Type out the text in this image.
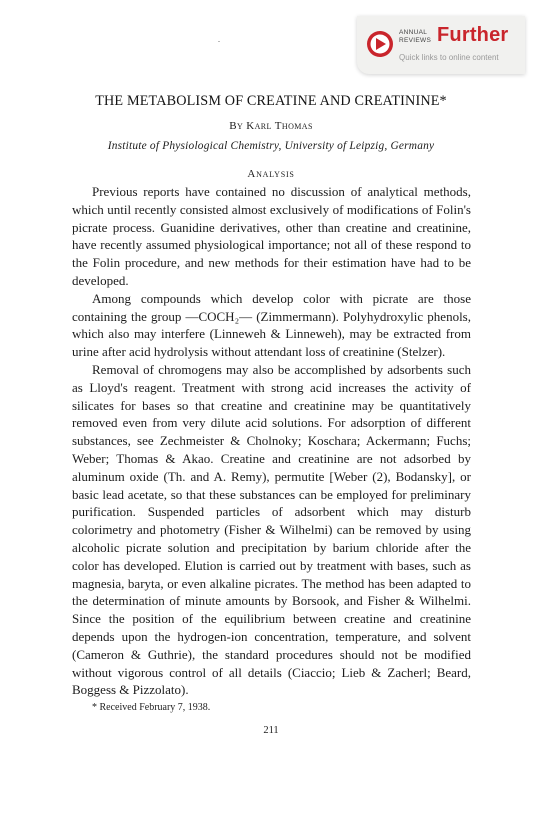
ANNUAL
REVIEWS Further
Quick links to online content
THE METABOLISM OF CREATINE AND CREATININE*
By Karl Thomas
Institute of Physiological Chemistry, University of Leipzig, Germany
Analysis

Previous reports have contained no discussion of analytical methods, which until recently consisted almost exclusively of modifications of Folin's picrate process. Guanidine derivatives, other than creatine and creatinine, have recently assumed physiological importance; not all of these respond to the Folin procedure, and new methods for their estimation have had to be developed.

Among compounds which develop color with picrate are those containing the group —COCH₂— (Zimmermann). Polyhydroxylic phenols, which also may interfere (Linneweh & Linneweh), may be extracted from urine after acid hydrolysis without attendant loss of creatinine (Stelzer).

Removal of chromogens may also be accomplished by adsorbents such as Lloyd's reagent. Treatment with strong acid increases the activity of silicates for bases so that creatine and creatinine may be quantitatively removed even from very dilute acid solutions. For adsorption of different substances, see Zechmeister & Cholnoky; Koschara; Ackermann; Fuchs; Weber; Thomas & Akao. Creatine and creatinine are not adsorbed by aluminum oxide (Th. and A. Remy), permutite [Weber (2), Bodansky], or basic lead acetate, so that these substances can be employed for preliminary purification. Suspended particles of adsorbent which may disturb colorimetry and photometry (Fisher & Wilhelmi) can be removed by using alcoholic picrate solution and precipitation by barium chloride after the color has developed. Elution is carried out by treatment with bases, such as magnesia, baryta, or even alkaline picrates. The method has been adapted to the determination of minute amounts by Borsook, and Fisher & Wilhelmi. Since the position of the equilibrium between creatine and creatinine depends upon the hydrogen-ion concentration, temperature, and solvent (Cameron & Guthrie), the standard procedures should not be modified without vigorous control of all details (Ciaccio; Lieb & Zacherl; Beard, Boggess & Pizzolato).

* Received February 7, 1938.
211
